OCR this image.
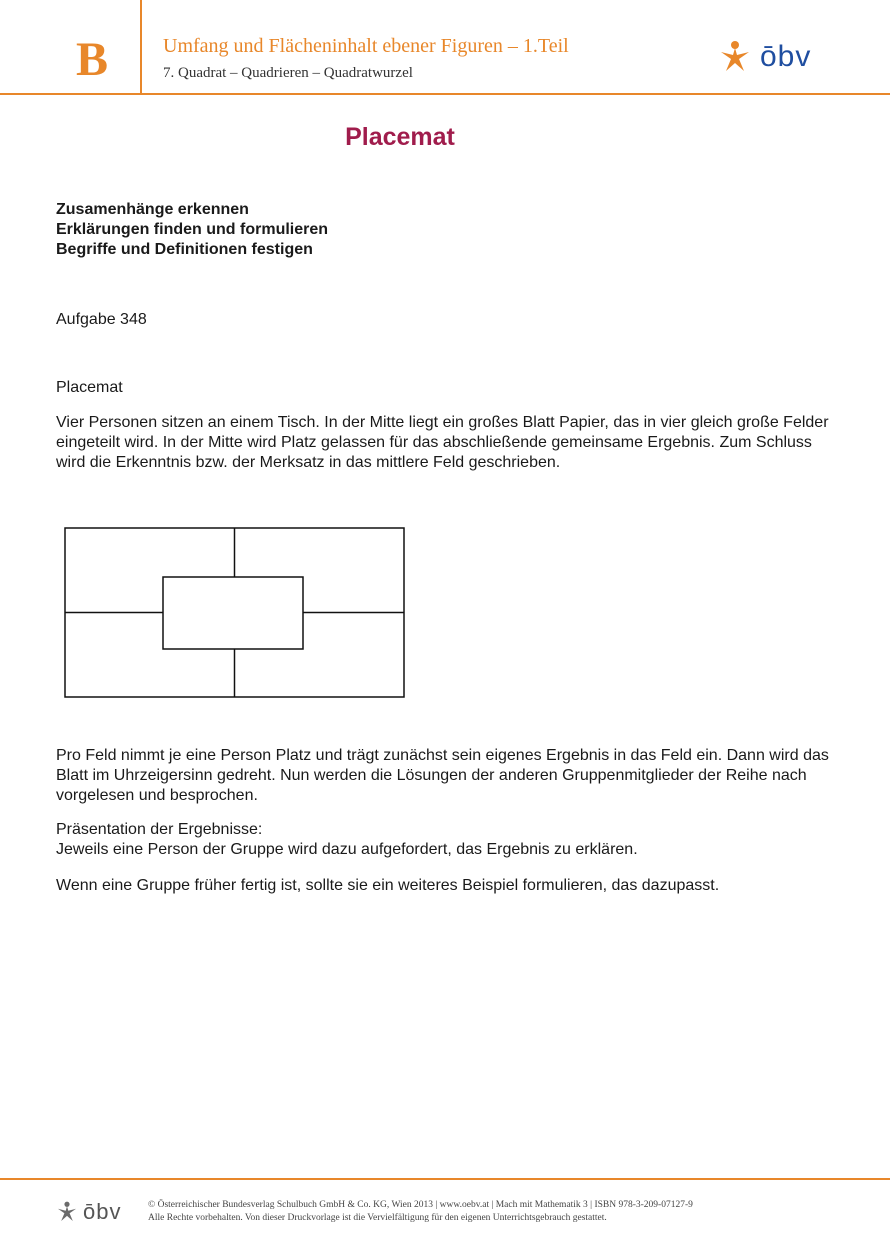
B	Umfang und Flächeninhalt ebener Figuren – 1.Teil
7. Quadrat – Quadrieren – Quadratwurzel	ōbv
Placemat
Zusamenhänge erkennen
Erklärungen finden und formulieren
Begriffe und Definitionen festigen
Aufgabe 348
Placemat
Vier Personen sitzen an einem Tisch. In der Mitte liegt ein großes Blatt Papier, das in vier gleich große Felder eingeteilt wird. In der Mitte wird Platz gelassen für das abschließende gemeinsame Ergebnis. Zum Schluss wird die Erkenntnis bzw. der Merksatz in das mittlere Feld geschrieben.
Pro Feld nimmt je eine Person Platz und trägt zunächst sein eigenes Ergebnis in das Feld ein. Dann wird das Blatt im Uhrzeigersinn gedreht. Nun werden die Lösungen der anderen Gruppenmitglieder der Reihe nach vorgelesen und besprochen.
Präsentation der Ergebnisse:
Jeweils eine Person der Gruppe wird dazu aufgefordert, das Ergebnis zu erklären.
Wenn eine Gruppe früher fertig ist, sollte sie ein weiteres Beispiel formulieren, das dazupasst.
ōbv	© Österreichischer Bundesverlag Schulbuch GmbH & Co. KG, Wien 2013 | www.oebv.at | Mach mit Mathematik 3 | ISBN 978-3-209-07127-9
Alle Rechte vorbehalten. Von dieser Druckvorlage ist die Vervielfältigung für den eigenen Unterrichtsgebrauch gestattet.
